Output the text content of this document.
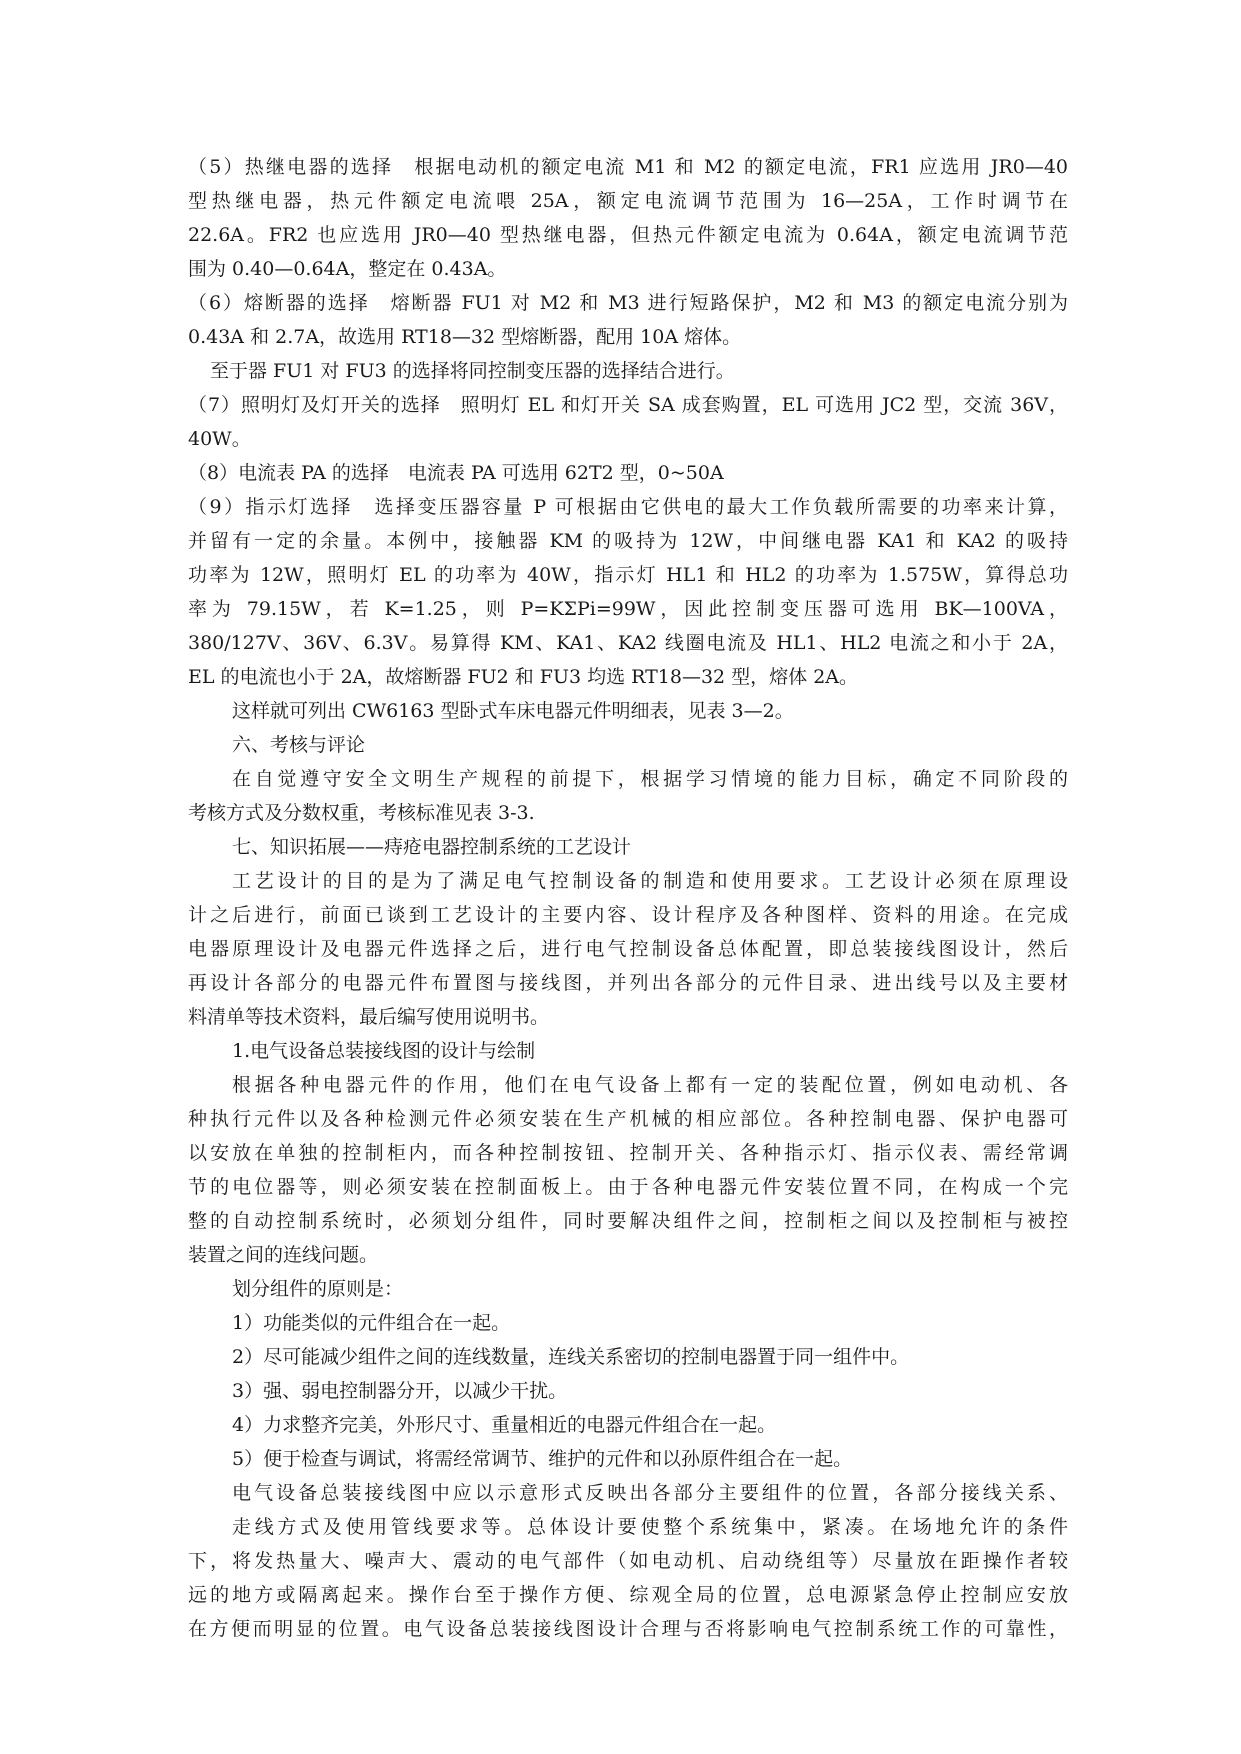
（5）热继电器的选择　根据电动机的额定电流 M1 和 M2 的额定电流，FR1 应选用 JR0—40
型热继电器，热元件额定电流喂 25A，额定电流调节范围为 16—25A，工作时调节在
22.6A。FR2 也应选用 JR0—40 型热继电器，但热元件额定电流为 0.64A，额定电流调节范
围为 0.40—0.64A，整定在 0.43A。
（6）熔断器的选择　熔断器 FU1 对 M2 和 M3 进行短路保护，M2 和 M3 的额定电流分别为
0.43A 和 2.7A，故选用 RT18—32 型熔断器，配用 10A 熔体。
至于器 FU1 对 FU3 的选择将同控制变压器的选择结合进行。
（7）照明灯及灯开关的选择　照明灯 EL 和灯开关 SA 成套购置，EL 可选用 JC2 型，交流 36V，
40W。
（8）电流表 PA 的选择　电流表 PA 可选用 62T2 型，0~50A
（9）指示灯选择　选择变压器容量 P 可根据由它供电的最大工作负载所需要的功率来计算，
并留有一定的余量。本例中，接触器 KM 的吸持为 12W，中间继电器 KA1 和 KA2 的吸持
功率为 12W，照明灯 EL 的功率为 40W，指示灯 HL1 和 HL2 的功率为 1.575W，算得总功
率为 79.15W，若 K=1.25，则 P=KΣPi=99W，因此控制变压器可选用 BK—100VA，
380/127V、36V、6.3V。易算得 KM、KA1、KA2 线圈电流及 HL1、HL2 电流之和小于 2A，
EL 的电流也小于 2A，故熔断器 FU2 和 FU3 均选 RT18—32 型，熔体 2A。
这样就可列出 CW6163 型卧式车床电器元件明细表，见表 3—2。
六、考核与评论
在自觉遵守安全文明生产规程的前提下，根据学习情境的能力目标，确定不同阶段的
考核方式及分数权重，考核标准见表 3-3.
七、知识拓展——痔疮电器控制系统的工艺设计
工艺设计的目的是为了满足电气控制设备的制造和使用要求。工艺设计必须在原理设
计之后进行，前面已谈到工艺设计的主要内容、设计程序及各种图样、资料的用途。在完成
电器原理设计及电器元件选择之后，进行电气控制设备总体配置，即总装接线图设计，然后
再设计各部分的电器元件布置图与接线图，并列出各部分的元件目录、进出线号以及主要材
料清单等技术资料，最后编写使用说明书。
1.电气设备总装接线图的设计与绘制
根据各种电器元件的作用，他们在电气设备上都有一定的装配位置，例如电动机、各
种执行元件以及各种检测元件必须安装在生产机械的相应部位。各种控制电器、保护电器可
以安放在单独的控制柜内，而各种控制按钮、控制开关、各种指示灯、指示仪表、需经常调
节的电位器等，则必须安装在控制面板上。由于各种电器元件安装位置不同，在构成一个完
整的自动控制系统时，必须划分组件，同时要解决组件之间，控制柜之间以及控制柜与被控
装置之间的连线问题。
划分组件的原则是：
1）功能类似的元件组合在一起。
2）尽可能减少组件之间的连线数量，连线关系密切的控制电器置于同一组件中。
3）强、弱电控制器分开，以减少干扰。
4）力求整齐完美，外形尺寸、重量相近的电器元件组合在一起。
5）便于检查与调试，将需经常调节、维护的元件和以孙原件组合在一起。
电气设备总装接线图中应以示意形式反映出各部分主要组件的位置，各部分接线关系、
走线方式及使用管线要求等。总体设计要使整个系统集中，紧凑。在场地允许的条件
下，将发热量大、噪声大、震动的电气部件（如电动机、启动绕组等）尽量放在距操作者较
远的地方或隔离起来。操作台至于操作方便、综观全局的位置，总电源紧急停止控制应安放
在方便而明显的位置。电气设备总装接线图设计合理与否将影响电气控制系统工作的可靠性，
